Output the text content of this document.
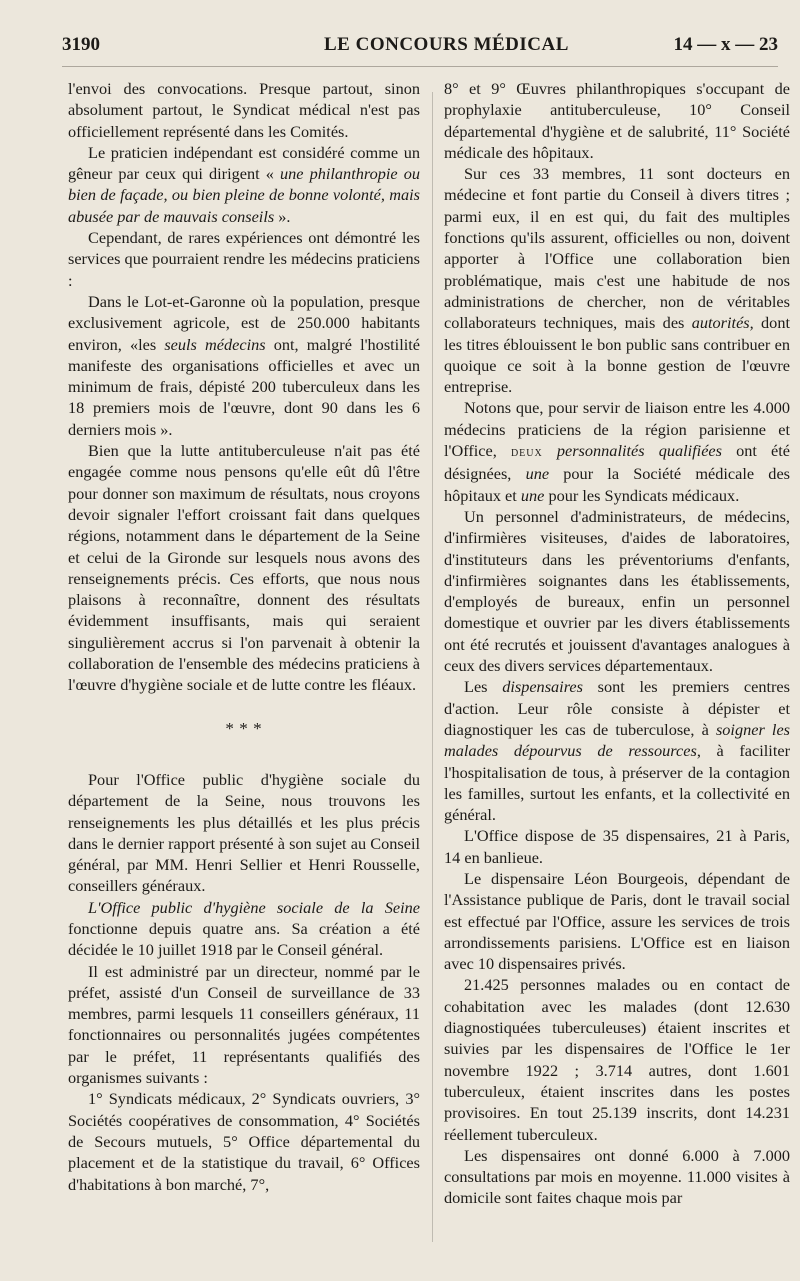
3190	LE CONCOURS MÉDICAL	14 — x — 23

l'envoi des convocations. Presque partout, sinon absolument partout, le Syndicat médical n'est pas officiellement représenté dans les Comités.

Le praticien indépendant est considéré comme un gêneur par ceux qui dirigent « une philanthropie ou bien de façade, ou bien pleine de bonne volonté, mais abusée par de mauvais conseils ».

Cependant, de rares expériences ont démontré les services que pourraient rendre les médecins praticiens :

Dans le Lot-et-Garonne où la population, presque exclusivement agricole, est de 250.000 habitants environ, «les seuls médecins ont, malgré l'hostilité manifeste des organisations officielles et avec un minimum de frais, dépisté 200 tuberculeux dans les 18 premiers mois de l'œuvre, dont 90 dans les 6 derniers mois ».

Bien que la lutte antituberculeuse n'ait pas été engagée comme nous pensons qu'elle eût dû l'être pour donner son maximum de résultats, nous croyons devoir signaler l'effort croissant fait dans quelques régions, notamment dans le département de la Seine et celui de la Gironde sur lesquels nous avons des renseignements précis. Ces efforts, que nous nous plaisons à reconnaître, donnent des résultats évidemment insuffisants, mais qui seraient singulièrement accrus si l'on parvenait à obtenir la collaboration de l'ensemble des médecins praticiens à l'œuvre d'hygiène sociale et de lutte contre les fléaux.

* * *

Pour l'Office public d'hygiène sociale du département de la Seine, nous trouvons les renseignements les plus détaillés et les plus précis dans le dernier rapport présenté à son sujet au Conseil général, par MM. Henri Sellier et Henri Rousselle, conseillers généraux.

L'Office public d'hygiène sociale de la Seine fonctionne depuis quatre ans. Sa création a été décidée le 10 juillet 1918 par le Conseil général.

Il est administré par un directeur, nommé par le préfet, assisté d'un Conseil de surveillance de 33 membres, parmi lesquels 11 conseillers généraux, 11 fonctionnaires ou personnalités jugées compétentes par le préfet, 11 représentants qualifiés des organismes suivants :

1° Syndicats médicaux, 2° Syndicats ouvriers, 3° Sociétés coopératives de consommation, 4° Sociétés de Secours mutuels, 5° Office départemental du placement et de la statistique du travail, 6° Offices d'habitations à bon marché, 7°,

8° et 9° Œuvres philanthropiques s'occupant de prophylaxie antituberculeuse, 10° Conseil départemental d'hygiène et de salubrité, 11° Société médicale des hôpitaux.

Sur ces 33 membres, 11 sont docteurs en médecine et font partie du Conseil à divers titres ; parmi eux, il en est qui, du fait des multiples fonctions qu'ils assurent, officielles ou non, doivent apporter à l'Office une collaboration bien problématique, mais c'est une habitude de nos administrations de chercher, non de véritables collaborateurs techniques, mais des autorités, dont les titres éblouissent le bon public sans contribuer en quoique ce soit à la bonne gestion de l'œuvre entreprise.

Notons que, pour servir de liaison entre les 4.000 médecins praticiens de la région parisienne et l'Office, deux personnalités qualifiées ont été désignées, une pour la Société médicale des hôpitaux et une pour les Syndicats médicaux.

Un personnel d'administrateurs, de médecins, d'infirmières visiteuses, d'aides de laboratoires, d'instituteurs dans les préventoriums d'enfants, d'infirmières soignantes dans les établissements, d'employés de bureaux, enfin un personnel domestique et ouvrier par les divers établissements ont été recrutés et jouissent d'avantages analogues à ceux des divers services départementaux.

Les dispensaires sont les premiers centres d'action. Leur rôle consiste à dépister et diagnostiquer les cas de tuberculose, à soigner les malades dépourvus de ressources, à faciliter l'hospitalisation de tous, à préserver de la contagion les familles, surtout les enfants, et la collectivité en général.

L'Office dispose de 35 dispensaires, 21 à Paris, 14 en banlieue.

Le dispensaire Léon Bourgeois, dépendant de l'Assistance publique de Paris, dont le travail social est effectué par l'Office, assure les services de trois arrondissements parisiens. L'Office est en liaison avec 10 dispensaires privés.

21.425 personnes malades ou en contact de cohabitation avec les malades (dont 12.630 diagnostiquées tuberculeuses) étaient inscrites et suivies par les dispensaires de l'Office le 1er novembre 1922 ; 3.714 autres, dont 1.601 tuberculeux, étaient inscrites dans les postes provisoires. En tout 25.139 inscrits, dont 14.231 réellement tuberculeux.

Les dispensaires ont donné 6.000 à 7.000 consultations par mois en moyenne. 11.000 visites à domicile sont faites chaque mois par
